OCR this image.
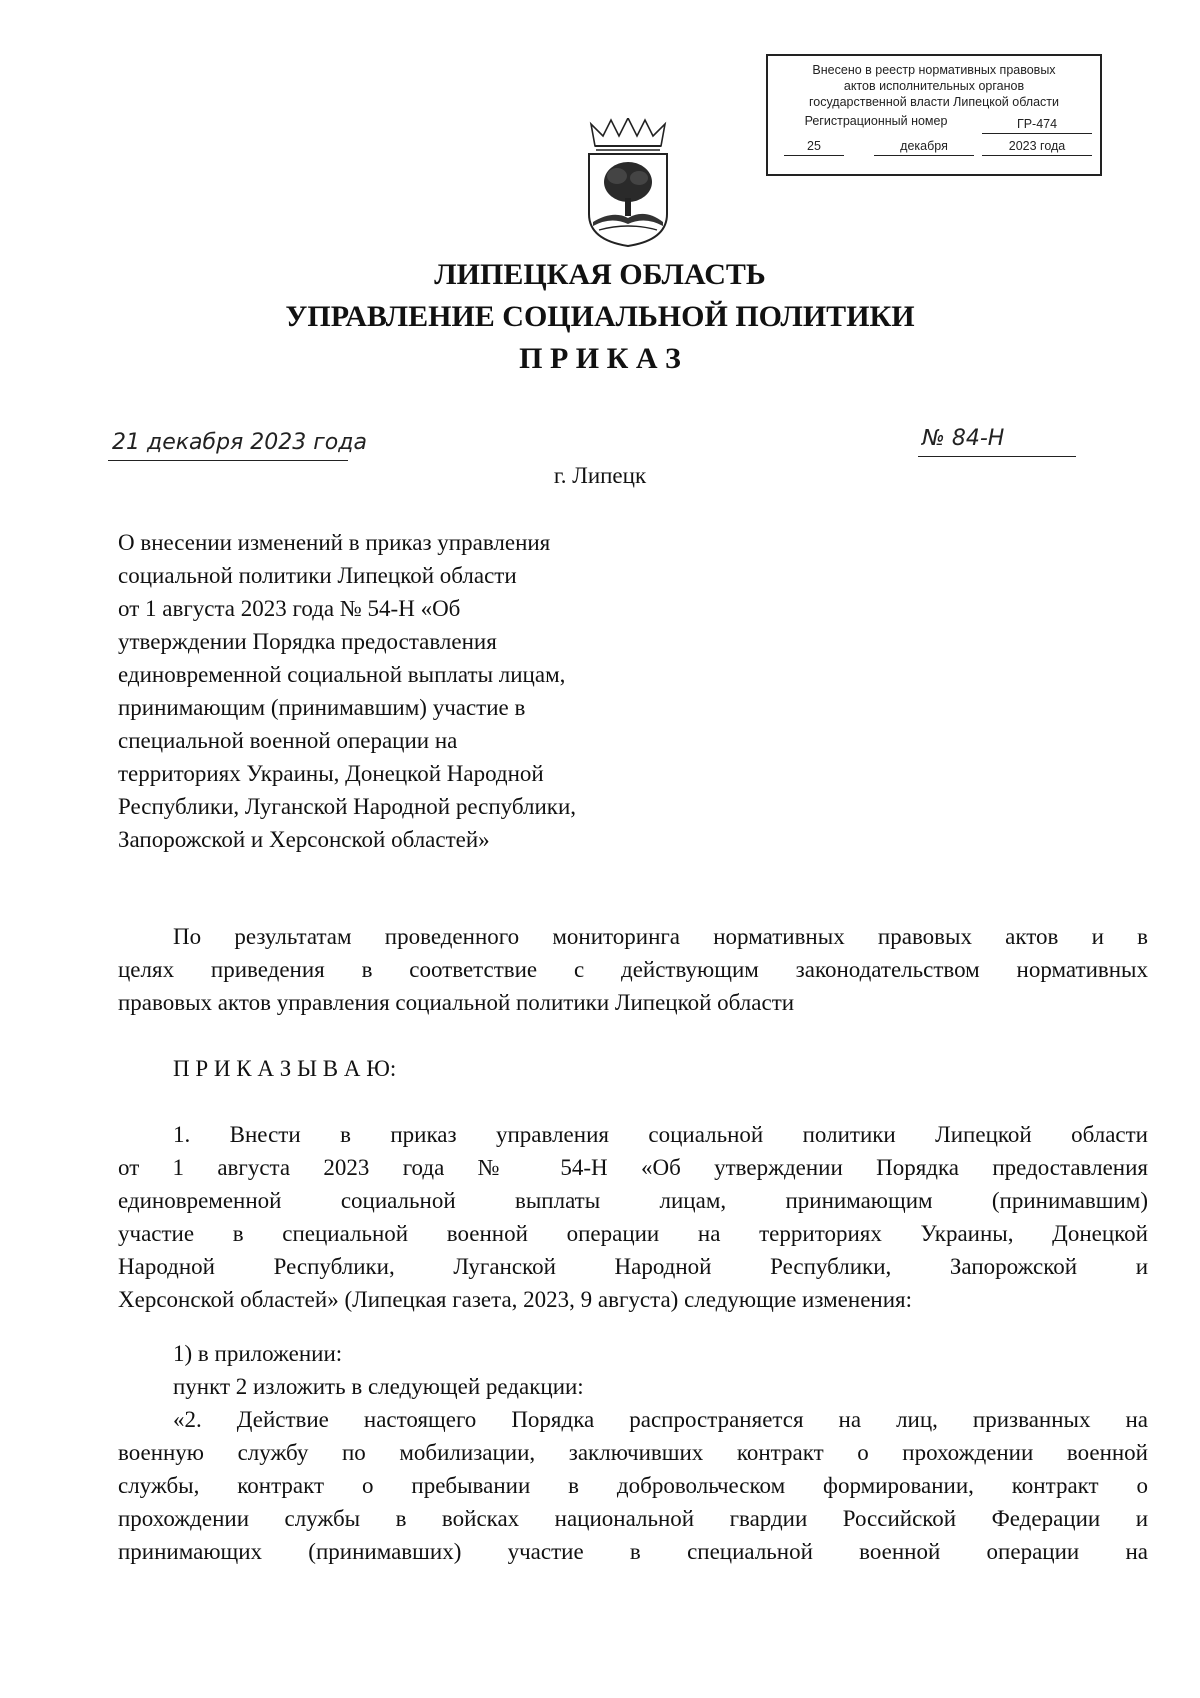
Внесено в реестр нормативных правовых
актов исполнительных органов
государственной власти Липецкой области
Регистрационный номер	ГР-474
25	декабря	2023 года
ЛИПЕЦКАЯ ОБЛАСТЬ
УПРАВЛЕНИЕ СОЦИАЛЬНОЙ ПОЛИТИКИ
П Р И К А З
21 декабря 2023 года	№ 84-Н
г. Липецк
О внесении изменений в приказ управления
социальной политики Липецкой области
от 1 августа 2023 года № 54-Н «Об
утверждении Порядка предоставления
единовременной социальной выплаты лицам,
принимающим (принимавшим) участие в
специальной военной операции на
территориях Украины, Донецкой Народной
Республики, Луганской Народной республики,
Запорожской и Херсонской областей»
По результатам проведенного мониторинга нормативных правовых актов и в
целях приведения в соответствие с действующим законодательством нормативных
правовых актов управления социальной политики Липецкой области
П Р И К А З Ы В А Ю:
1. Внести в приказ управления социальной политики Липецкой области
от 1 августа 2023 года № 54-Н «Об утверждении Порядка предоставления
единовременной социальной выплаты лицам, принимающим (принимавшим)
участие в специальной военной операции на территориях Украины, Донецкой
Народной Республики, Луганской Народной Республики, Запорожской и
Херсонской областей» (Липецкая газета, 2023, 9 августа) следующие изменения:
1) в приложении:
пункт 2 изложить в следующей редакции:
«2. Действие настоящего Порядка распространяется на лиц, призванных на
военную службу по мобилизации, заключивших контракт о прохождении военной
службы, контракт о пребывании в добровольческом формировании, контракт о
прохождении службы в войсках национальной гвардии Российской Федерации и
принимающих (принимавших) участие в специальной военной операции на
